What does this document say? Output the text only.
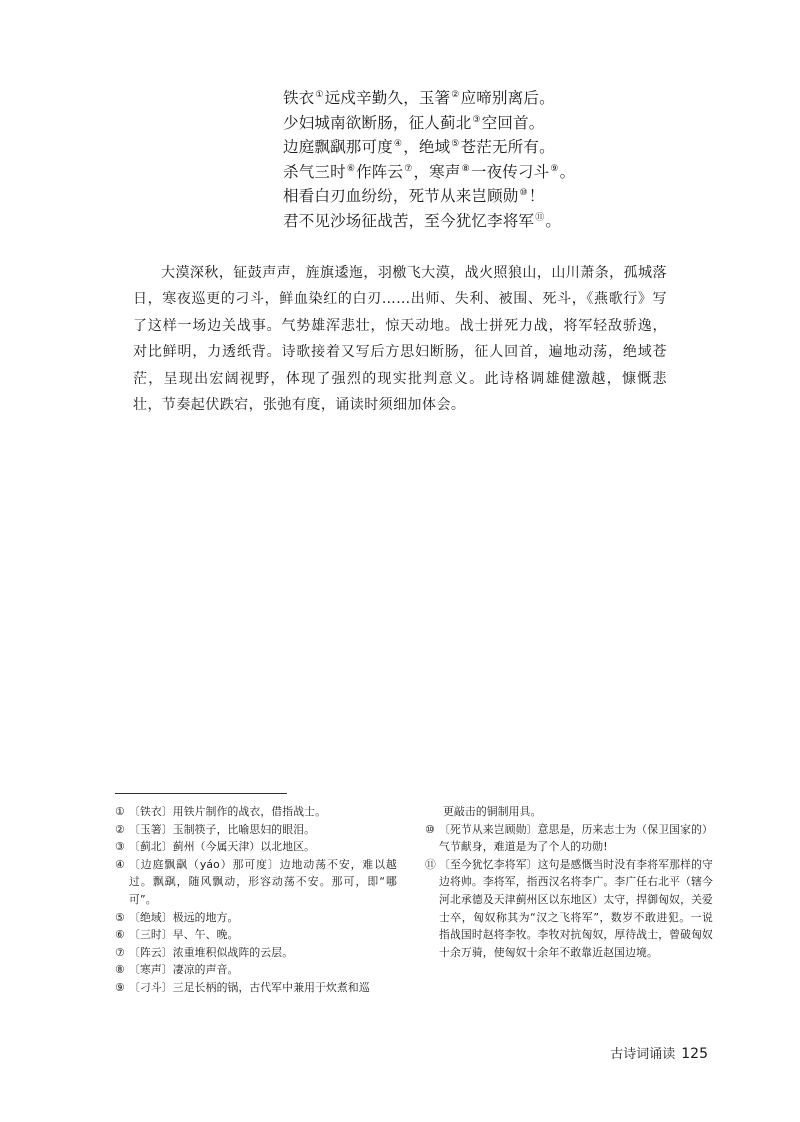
铁衣①远戍辛勤久，玉箸②应啼别离后。
少妇城南欲断肠，征人蓟北③空回首。
边庭飘飖那可度④，绝域⑤苍茫无所有。
杀气三时⑥作阵云⑦，寒声⑧一夜传刁斗⑨。
相看白刃血纷纷，死节从来岂顾勋⑩！
君不见沙场征战苦，至今犹忆李将军⑪。

大漠深秋，钲鼓声声，旌旗逶迤，羽檄飞大漠，战火照狼山，山川萧条，孤城落日，寒夜巡更的刁斗，鲜血染红的白刃……出师、失利、被围、死斗，《燕歌行》写了这样一场边关战事。气势雄浑悲壮，惊天动地。战士拼死力战，将军轻敌骄逸，对比鲜明，力透纸背。诗歌接着又写后方思妇断肠，征人回首，遍地动荡，绝域苍茫，呈现出宏阔视野，体现了强烈的现实批判意义。此诗格调雄健激越，慷慨悲壮，节奏起伏跌宕，张弛有度，诵读时须细加体会。

① 〔铁衣〕用铁片制作的战衣，借指战士。
② 〔玉箸〕玉制筷子，比喻思妇的眼泪。
③ 〔蓟北〕蓟州（今属天津）以北地区。
④ 〔边庭飘飖（yáo）那可度〕边地动荡不安，难以越过。飘飖，随风飘动，形容动荡不安。那可，即“哪可”。
⑤ 〔绝域〕极远的地方。
⑥ 〔三时〕早、午、晚。
⑦ 〔阵云〕浓重堆积似战阵的云层。
⑧ 〔寒声〕凄凉的声音。
⑨ 〔刁斗〕三足长柄的锅，古代军中兼用于炊煮和巡
更敲击的铜制用具。
⑩ 〔死节从来岂顾勋〕意思是，历来志士为（保卫国家的）气节献身，难道是为了个人的功勋!
⑪ 〔至今犹忆李将军〕这句是感慨当时没有李将军那样的守边将帅。李将军，指西汉名将李广。李广任右北平（辖今河北承德及天津蓟州区以东地区）太守，捍御匈奴，关爱士卒，匈奴称其为“汉之飞将军”，数岁不敢进犯。一说指战国时赵将李牧。李牧对抗匈奴，厚待战士，曾破匈奴十余万骑，使匈奴十余年不敢靠近赵国边境。
古诗词诵读 125
